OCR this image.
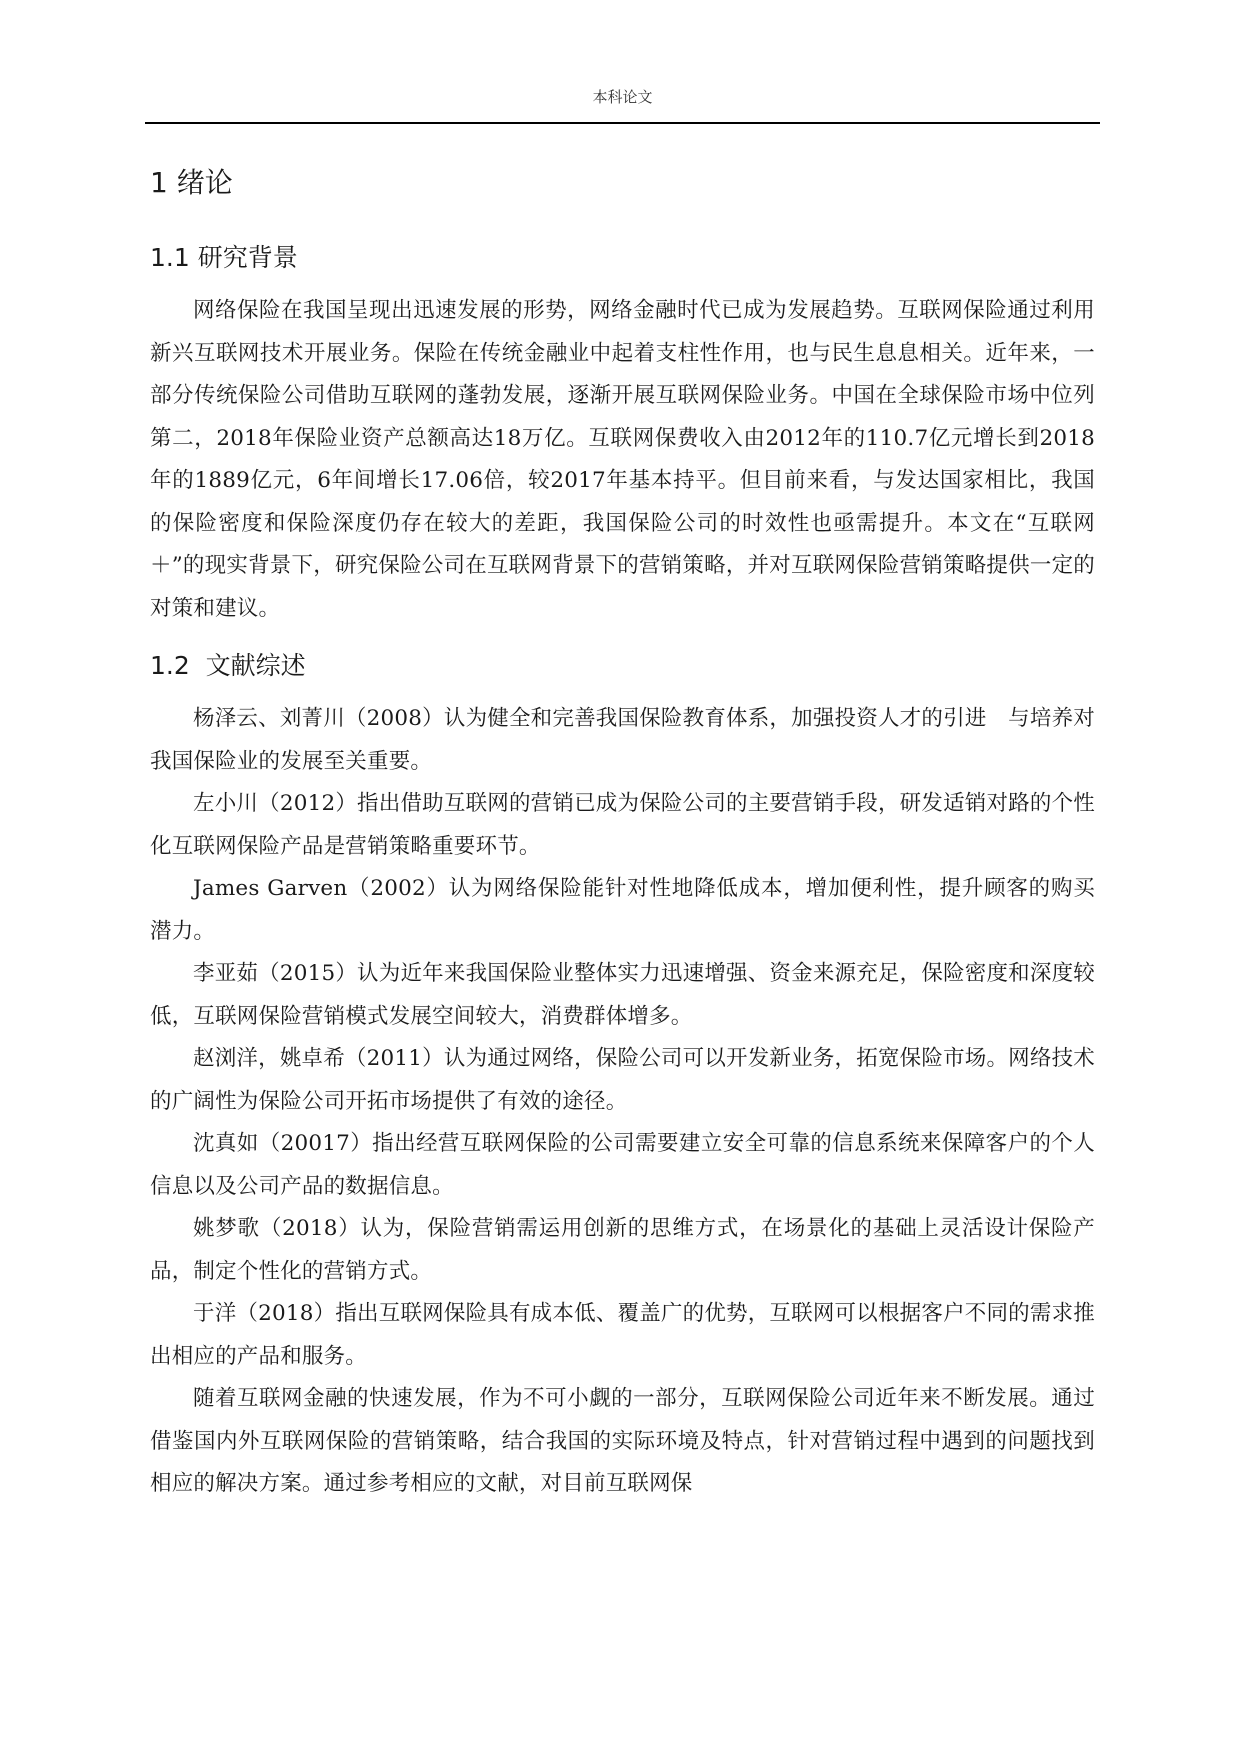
本科论文
1 绪论
1.1 研究背景

网络保险在我国呈现出迅速发展的形势，网络金融时代已成为发展趋势。互联网保险通过利用新兴互联网技术开展业务。保险在传统金融业中起着支柱性作用，也与民生息息相关。近年来，一部分传统保险公司借助互联网的蓬勃发展，逐渐开展互联网保险业务。中国在全球保险市场中位列第二，2018年保险业资产总额高达18万亿。互联网保费收入由2012年的110.7亿元增长到2018年的1889亿元，6年间增长17.06倍，较2017年基本持平。但目前来看，与发达国家相比，我国的保险密度和保险深度仍存在较大的差距，我国保险公司的时效性也亟需提升。本文在“互联网＋”的现实背景下，研究保险公司在互联网背景下的营销策略，并对互联网保险营销策略提供一定的对策和建议。

1.2 文献综述

杨泽云、刘菁川（2008）认为健全和完善我国保险教育体系，加强投资人才的引进　与培养对我国保险业的发展至关重要。

左小川（2012）指出借助互联网的营销已成为保险公司的主要营销手段，研发适销对路的个性化互联网保险产品是营销策略重要环节。

James Garven（2002）认为网络保险能针对性地降低成本，增加便利性，提升顾客的购买潜力。

李亚茹（2015）认为近年来我国保险业整体实力迅速增强、资金来源充足，保险密度和深度较低，互联网保险营销模式发展空间较大，消费群体增多。

赵浏洋，姚卓希（2011）认为通过网络，保险公司可以开发新业务，拓宽保险市场。网络技术的广阔性为保险公司开拓市场提供了有效的途径。

沈真如（20017）指出经营互联网保险的公司需要建立安全可靠的信息系统来保障客户的个人信息以及公司产品的数据信息。

姚梦歌（2018）认为，保险营销需运用创新的思维方式，在场景化的基础上灵活设计保险产品，制定个性化的营销方式。

于洋（2018）指出互联网保险具有成本低、覆盖广的优势，互联网可以根据客户不同的需求推出相应的产品和服务。

随着互联网金融的快速发展，作为不可小觑的一部分，互联网保险公司近年来不断发展。通过借鉴国内外互联网保险的营销策略，结合我国的实际环境及特点，针对营销过程中遇到的问题找到相应的解决方案。通过参考相应的文献，对目前互联网保
